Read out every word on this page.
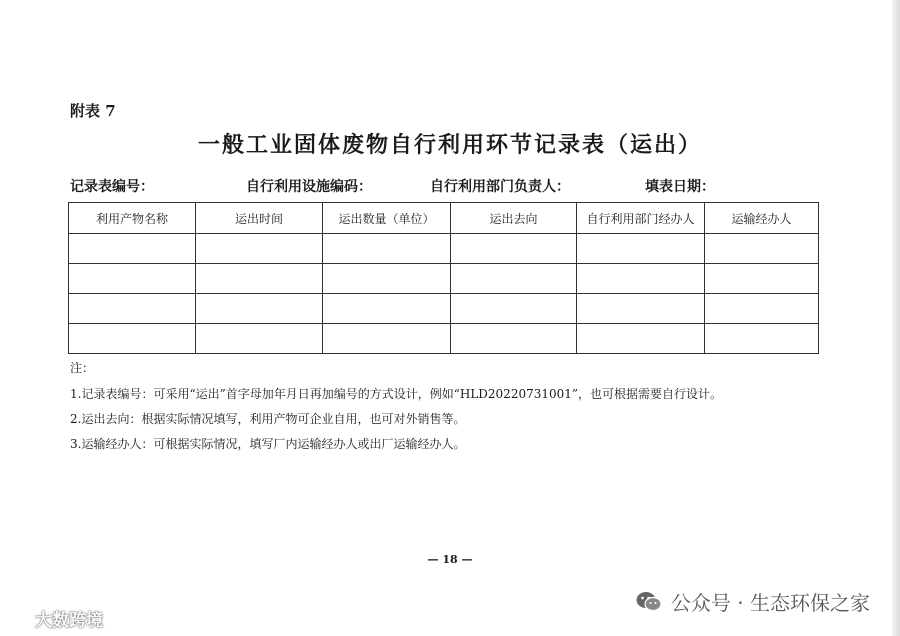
附表 7
一般工业固体废物自行利用环节记录表（运出）
记录表编号：	自行利用设施编码：	自行利用部门负责人：	填表日期：
利用产物名称	运出时间	运出数量（单位）	运出去向	自行利用部门经办人	运输经办人

注：
1.记录表编号：可采用“运出”首字母加年月日再加编号的方式设计，例如“HLD20220731001”，也可根据需要自行设计。
2.运出去向：根据实际情况填写，利用产物可企业自用，也可对外销售等。
3.运输经办人：可根据实际情况，填写厂内运输经办人或出厂运输经办人。
— 18 —
大数跨境
公众号 · 生态环保之家
